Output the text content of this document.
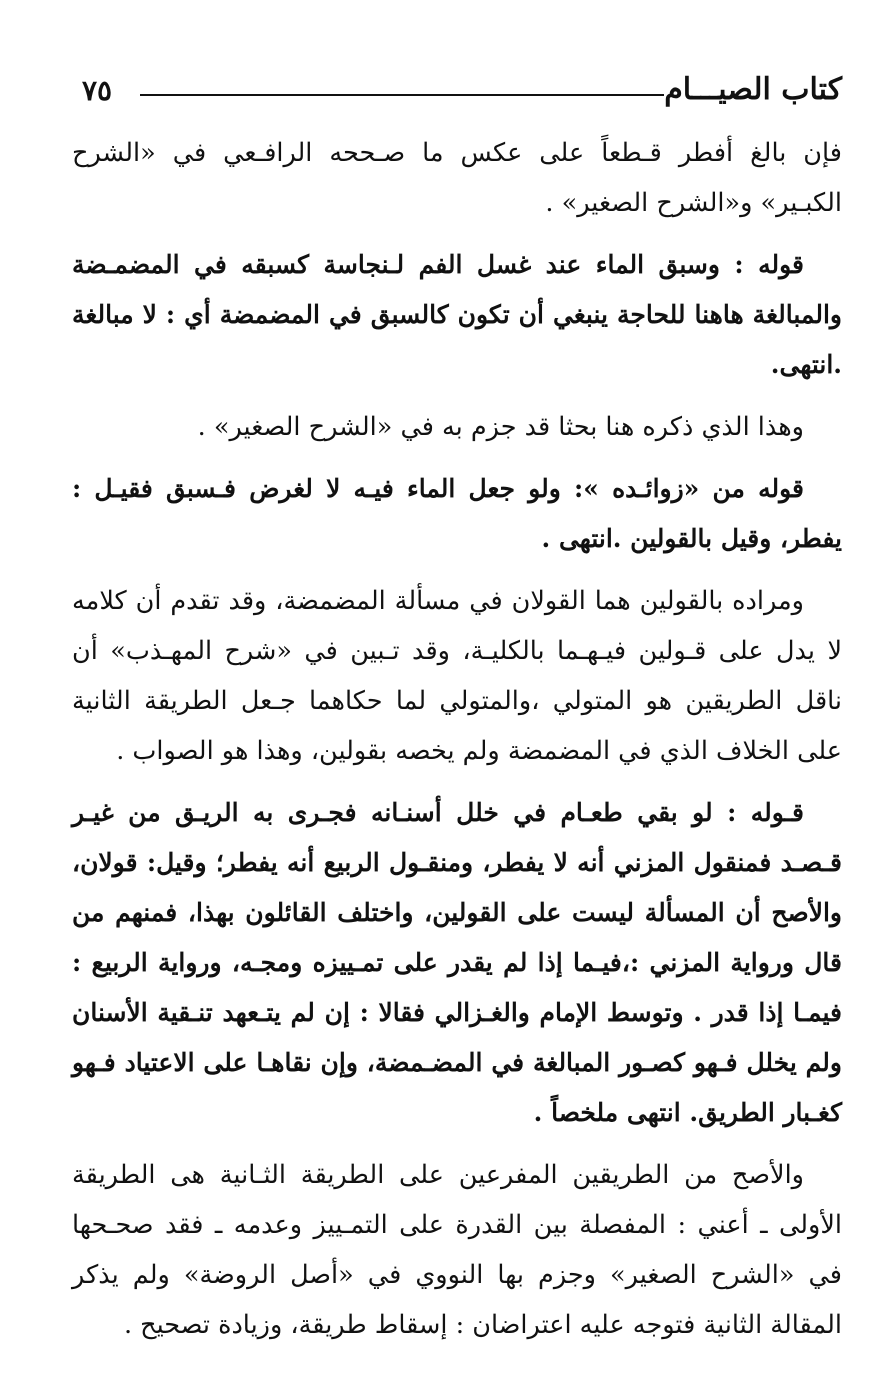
كتاب الصيـــام
٧٥

فإن بالغ أفطر قـطعاً على عكس ما صـححه الرافـعي في «الشرح الكبـير» و«الشرح الصغير» .

قوله : وسبق الماء عند غسل الفم لـنجاسة كسبقه في المضمـضة والمبالغة هاهنا للحاجة ينبغي أن تكون كالسبق في المضمضة أي : لا مبالغة .انتهى.

وهذا الذي ذكره هنا بحثا قد جزم به في «الشرح الصغير» .

قوله من «زوائـده »: ولو جعل الماء فيـه لا لغرض فـسبق فقيـل : يفطر، وقيل بالقولين .انتهى .

ومراده بالقولين هما القولان في مسألة المضمضة، وقد تقدم أن كلامه لا يدل على قـولين فيـهـما بالكليـة، وقد تـبين في «شرح المهـذب» أن ناقل الطريقين هو المتولي ،والمتولي لما حكاهما جـعل الطريقة الثانية على الخلاف الذي في المضمضة ولم يخصه بقولين، وهذا هو الصواب .

قـوله : لو بقي طعـام في خلل أسنـانه فجـرى به الريـق من غيـر قـصـد فمنقول المزني أنه لا يفطر، ومنقـول الربيع أنه يفطر؛ وقيل: قولان، والأصح أن المسألة ليست على القولين، واختلف القائلون بهذا، فمنهم من قال ورواية المزني :،فيـما إذا لم يقدر على تمـييزه ومجـه، ورواية الربيع : فيمـا إذا قدر . وتوسط الإمام والغـزالي فقالا : إن لم يتـعهد تنـقية الأسنان ولم يخلل فـهو كصـور المبالغة في المضـمضة، وإن نقاهـا على الاعتياد فـهو كغـبار الطريق. انتهى ملخصاً .

والأصح من الطريقين المفرعين على الطريقة الثـانية هى الطريقة الأولى ـ أعني : المفصلة بين القدرة على التمـييز وعدمه ـ فقد صحـحها في «الشرح الصغير» وجزم بها النووي في «أصل الروضة» ولم يذكر المقالة الثانية فتوجه عليه اعتراضان : إسقاط طريقة، وزيادة تصحيح .
